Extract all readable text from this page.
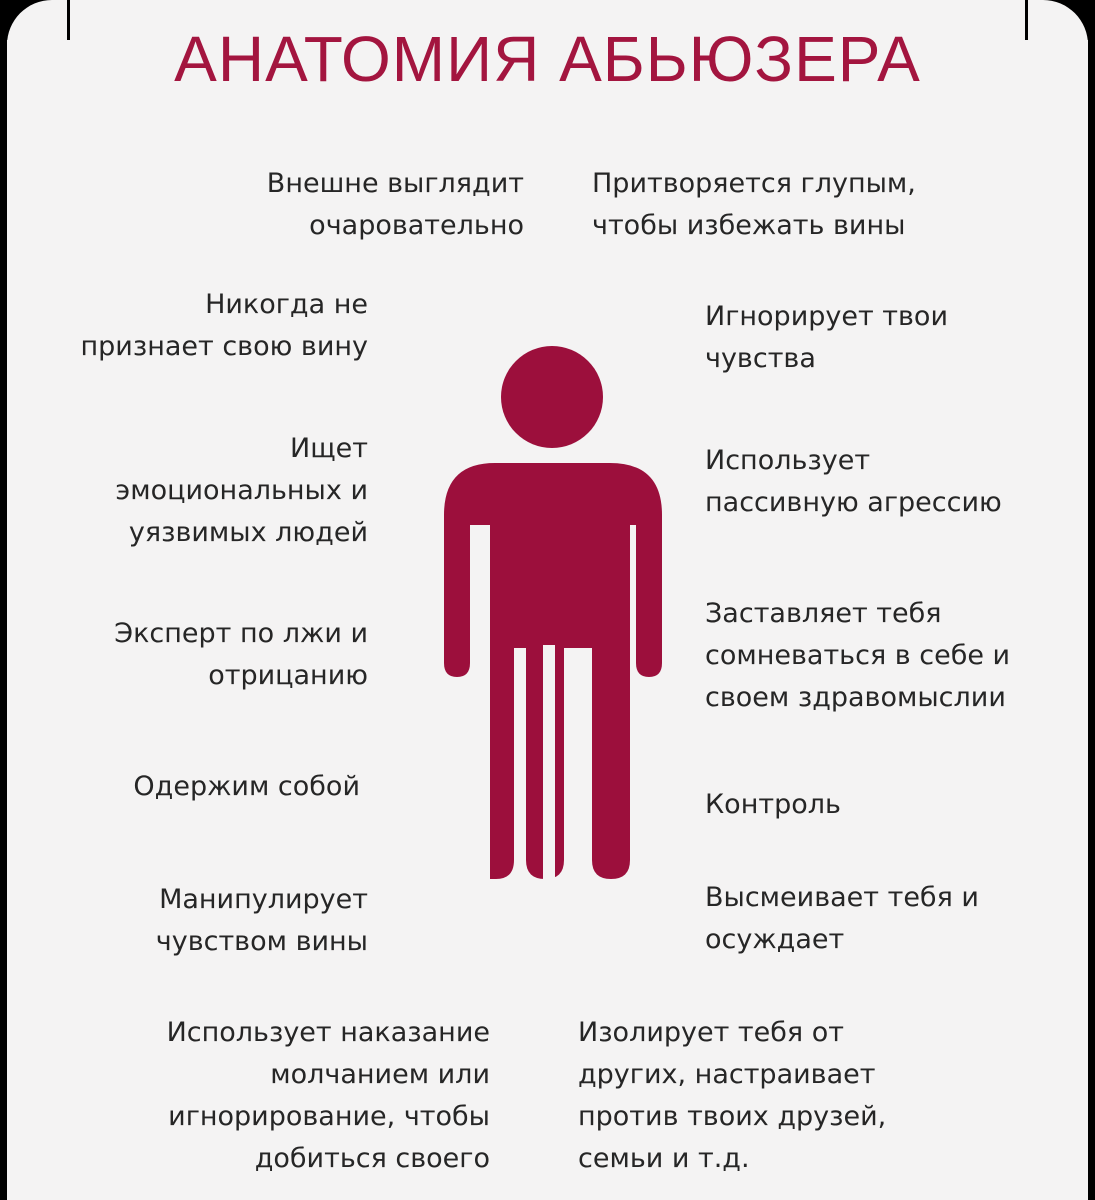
АНАТОМИЯ АБЬЮЗЕРА
Внешне выглядит
очаровательно
Притворяется глупым,
чтобы избежать вины
Никогда не
признает свою вину
Ищет
эмоциональных и
уязвимых людей
Эксперт по лжи и
отрицанию
Одержим собой
Манипулирует
чувством вины
Игнорирует твои
чувства
Использует
пассивную агрессию
Заставляет тебя
сомневаться в себе и
своем здравомыслии
Контроль
Высмеивает тебя и
осуждает
Использует наказание
молчанием или
игнорирование, чтобы
добиться своего
Изолирует тебя от
других, настраивает
против твоих друзей,
семьи и т.д.
